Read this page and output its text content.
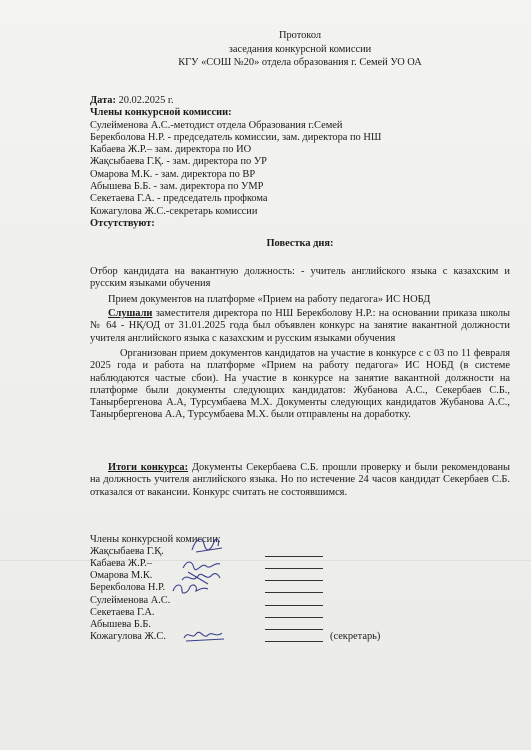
Протокол
заседания конкурсной комиссии
КГУ «СОШ №20» отдела образования г. Семей УО ОА
Дата: 20.02.2025 г.
Члены конкурсной комиссии:
Сулейменова А.С.-методист отдела Образования г.Семей
Берекболова Н.Р. - председатель комиссии, зам. директора по НШ
Кабаева Ж.Р.– зам. директора по ИО
Жақсыбаева Г.Қ. - зам. директора по УР
Омарова М.К. - зам. директора по ВР
Абышева Б.Б. - зам. директора по УМР
Секетаева Г.А. - председатель профкома
Кожагулова Ж.С.-секретарь комиссии
Отсутствуют:
Повестка дня:
Отбор кандидата на вакантную должность: - учитель английского языка с казахским и русским языками обучения
Прием документов на платформе «Прием на работу педагога» ИС НОБД
Слушали заместителя директора по НШ Берекболову Н.Р.: на основании приказа школы № 64 - НҚ/ОД от 31.01.2025 года был объявлен конкурс на занятие вакантной должности учителя английского языка с казахским и русским языками обучения
Организован прием документов кандидатов на участие в конкурсе с с 03 по 11 февраля 2025 года и работа на платформе «Прием на работу педагога» ИС НОБД (в системе наблюдаются частые сбои). На участие в конкурсе на занятие вакантной должности на платформе были документы следующих кандидатов: Жубанова А.С., Секербаев С.Б., Танырбергенова А.А, Турсумбаева М.Х. Документы следующих кандидатов Жубанова А.С., Танырбергенова А.А, Турсумбаева М.Х. были отправлены на доработку.
Итоги конкурса: Документы Секербаева С.Б. прошли проверку и были рекомендованы на должность учителя английского языка. Но по истечение 24 часов кандидат Секербаев С.Б. отказался от вакансии. Конкурс считать не состоявшимся.
Члены конкурсной комиссии:
Жақсыбаева Г.Қ.
Кабаева Ж.Р.–
Омарова М.К.
Берекболова Н.Р.
Сулейменова А.С.
Секетаева Г.А.
Абышева Б.Б.
Кожагулова Ж.С.	(секретарь)
